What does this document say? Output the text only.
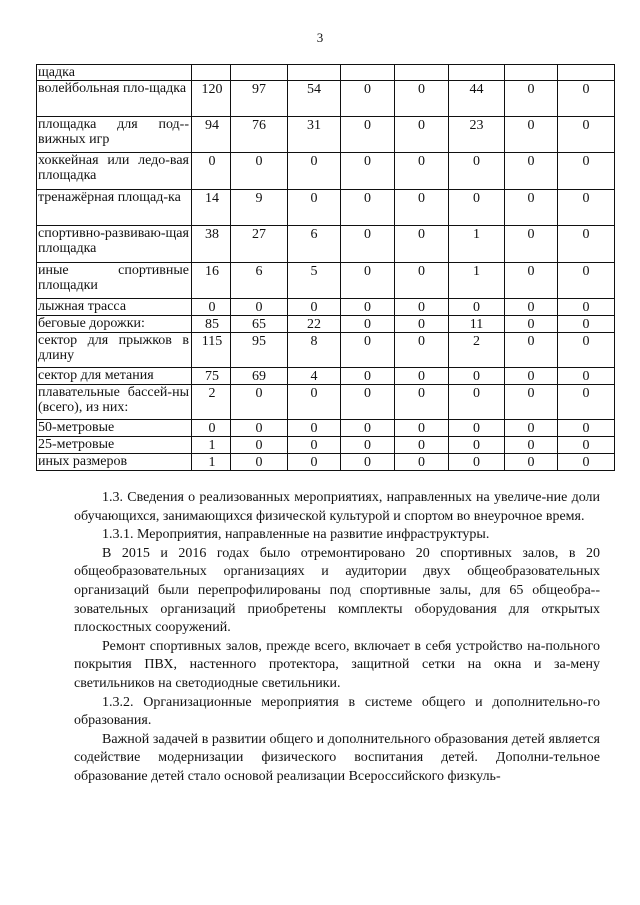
3
щадка								
волейбольная пло-щадка	120	97	54	0	0	44	0	0
площадка для под-вижных игр	94	76	31	0	0	23	0	0
хоккейная или ледо-вая площадка	0	0	0	0	0	0	0	0
тренажёрная площад-ка	14	9	0	0	0	0	0	0
спортивно-развиваю-щая площадка	38	27	6	0	0	1	0	0
иные спортивные площадки	16	6	5	0	0	1	0	0
лыжная трасса	0	0	0	0	0	0	0	0
беговые дорожки:	85	65	22	0	0	11	0	0
сектор для прыжков в длину	115	95	8	0	0	2	0	0
сектор для метания	75	69	4	0	0	0	0	0
плавательные бассей-ны (всего), из них:	2	0	0	0	0	0	0	0
50-метровые	0	0	0	0	0	0	0	0
25-метровые	1	0	0	0	0	0	0	0
иных размеров	1	0	0	0	0	0	0	0

1.3. Сведения о реализованных мероприятиях, направленных на увеличе-ние доли обучающихся, занимающихся физической культурой и спортом во внеурочное время.

1.3.1. Мероприятия, направленные на развитие инфраструктуры.

В 2015 и 2016 годах было отремонтировано 20 спортивных залов, в 20 общеобразовательных организациях и аудитории двух общеобразовательных организаций были перепрофилированы под спортивные залы, для 65 общеобра-зовательных организаций приобретены комплекты оборудования для открытых плоскостных сооружений.

Ремонт спортивных залов, прежде всего, включает в себя устройство на-польного покрытия ПВХ, настенного протектора, защитной сетки на окна и за-мену светильников на светодиодные светильники.

1.3.2. Организационные мероприятия в системе общего и дополнительно-го образования.

Важной задачей в развитии общего и дополнительного образования детей является содействие модернизации физического воспитания детей. Дополни-тельное образование детей стало основой реализации Всероссийского физкуль-
